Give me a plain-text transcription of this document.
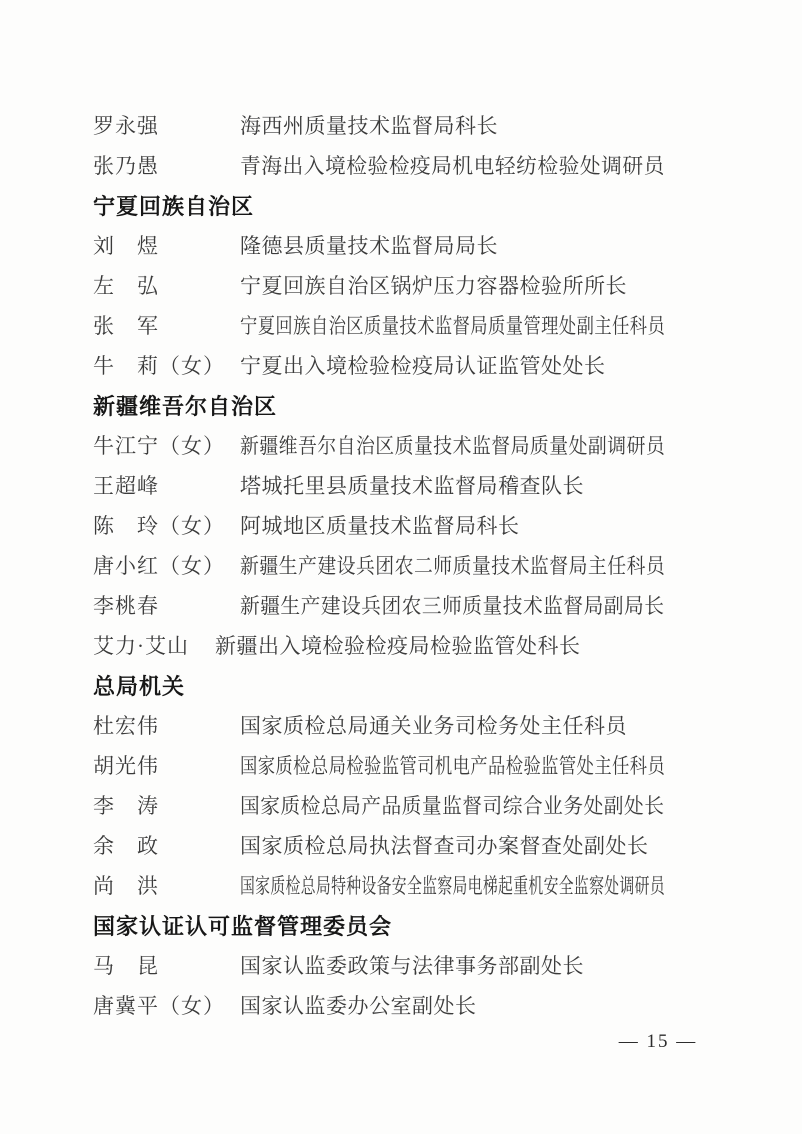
罗永强	海西州质量技术监督局科长
张乃愚	青海出入境检验检疫局机电轻纺检验处调研员
宁夏回族自治区
刘　煜	隆德县质量技术监督局局长
左　弘	宁夏回族自治区锅炉压力容器检验所所长
张　军	宁夏回族自治区质量技术监督局质量管理处副主任科员
牛　莉（女） 宁夏出入境检验检疫局认证监管处处长
新疆维吾尔自治区
牛江宁（女） 新疆维吾尔自治区质量技术监督局质量处副调研员
王超峰	塔城托里县质量技术监督局稽查队长
陈　玲（女） 阿城地区质量技术监督局科长
唐小红（女） 新疆生产建设兵团农二师质量技术监督局主任科员
李桃春	新疆生产建设兵团农三师质量技术监督局副局长
艾力·艾山	新疆出入境检验检疫局检验监管处科长
总局机关
杜宏伟	国家质检总局通关业务司检务处主任科员
胡光伟	国家质检总局检验监管司机电产品检验监管处主任科员
李　涛	国家质检总局产品质量监督司综合业务处副处长
余　政	国家质检总局执法督查司办案督查处副处长
尚　洪	国家质检总局特种设备安全监察局电梯起重机安全监察处调研员
国家认证认可监督管理委员会
马　昆	国家认监委政策与法律事务部副处长
唐冀平（女） 国家认监委办公室副处长
— 15 —
